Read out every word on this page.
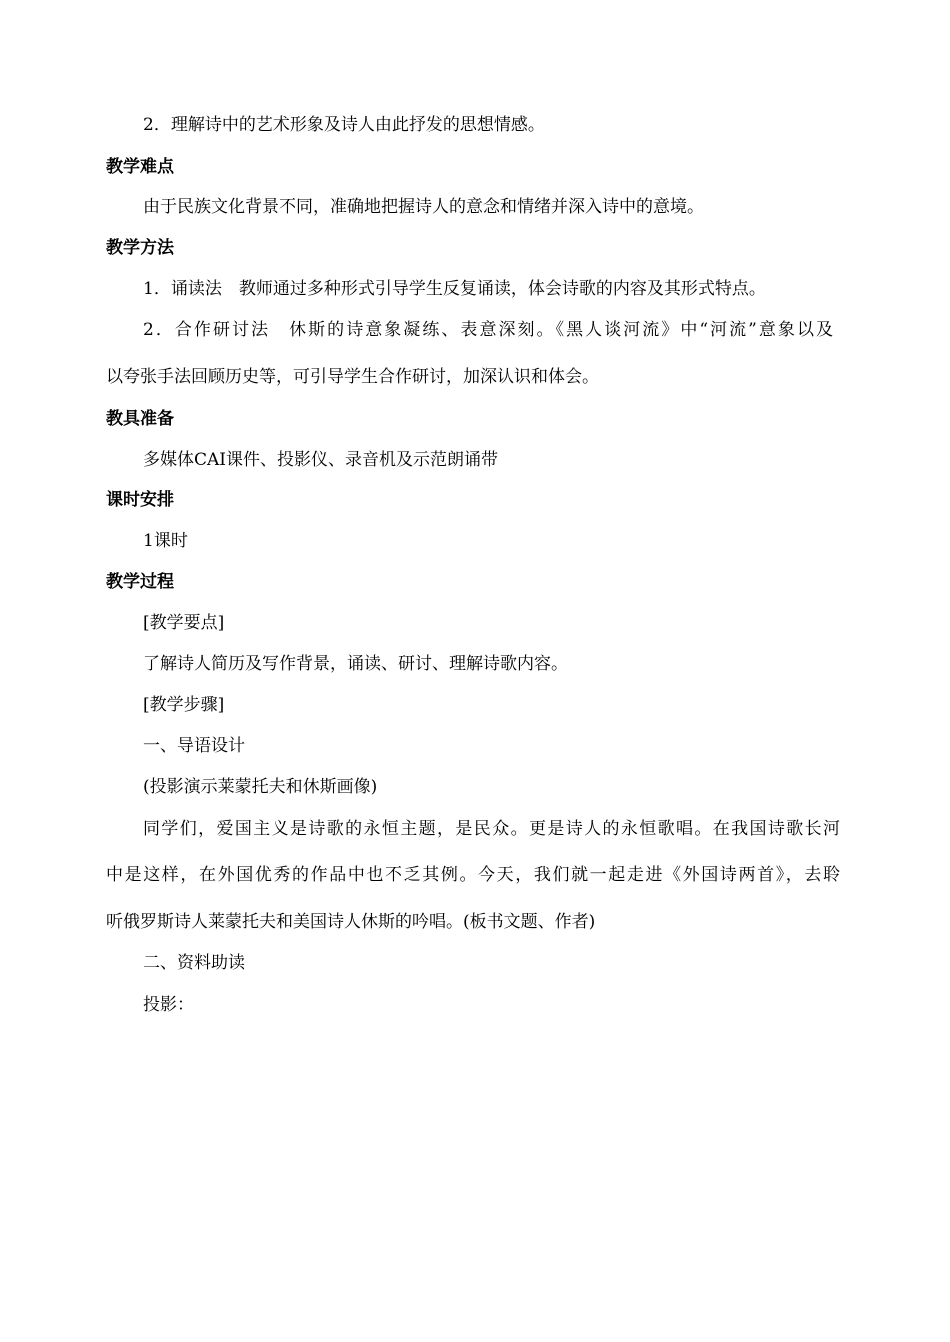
2．理解诗中的艺术形象及诗人由此抒发的思想情感。
教学难点
由于民族文化背景不同，准确地把握诗人的意念和情绪并深入诗中的意境。
教学方法
1．诵读法　教师通过多种形式引导学生反复诵读，体会诗歌的内容及其形式特点。
2．合作研讨法　休斯的诗意象凝练、表意深刻。《黑人谈河流》中“河流”意象以及
以夸张手法回顾历史等，可引导学生合作研讨，加深认识和体会。
教具准备
多媒体CAI课件、投影仪、录音机及示范朗诵带
课时安排
1课时
教学过程
[教学要点]
了解诗人简历及写作背景，诵读、研讨、理解诗歌内容。
[教学步骤]
一、导语设计
(投影演示莱蒙托夫和休斯画像)
同学们，爱国主义是诗歌的永恒主题，是民众。更是诗人的永恒歌唱。在我国诗歌长河
中是这样，在外国优秀的作品中也不乏其例。今天，我们就一起走进《外国诗两首》，去聆
听俄罗斯诗人莱蒙托夫和美国诗人休斯的吟唱。(板书文题、作者)
二、资料助读
投影：
